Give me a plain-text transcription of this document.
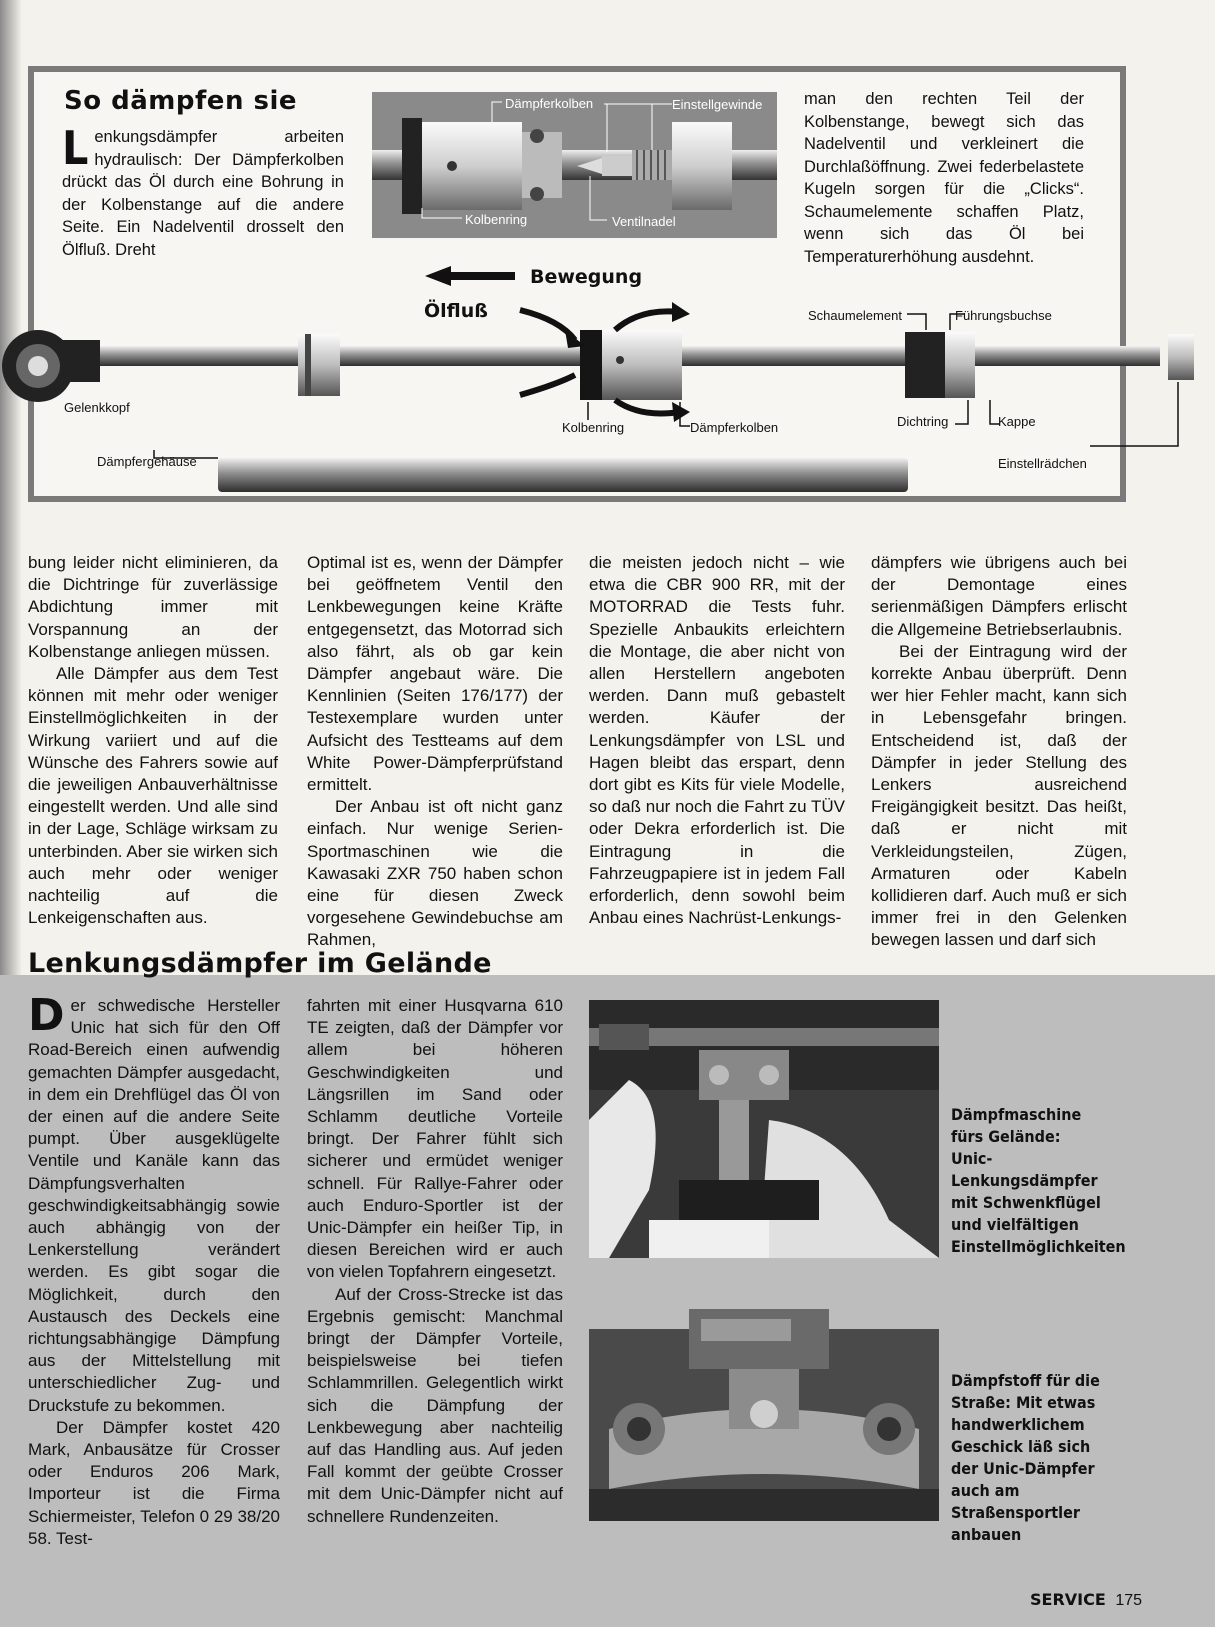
So dämpfen sie
Lenkungsdämpfer arbeiten hydraulisch: Der Dämpferkolben drückt das Öl durch eine Bohrung in der Kolbenstange auf die andere Seite. Ein Nadelventil drosselt den Ölfluß. Dreht
Dämpferkolben	Einstellgewinde
Kolbenring	Ventilnadel
man den rechten Teil der Kolbenstange, bewegt sich das Nadelventil und verkleinert die Durchlaßöffnung. Zwei federbelastete Kugeln sorgen für die „Clicks“. Schaumelemente schaffen Platz, wenn sich das Öl bei Temperaturerhöhung ausdehnt.
Bewegung
Ölfluß	Schaumelement	Führungsbuchse
Gelenkkopf
Kolbenring	Dämpferkolben	Dichtring	Kappe
Dämpfergehäuse	Einstellrädchen

bung leider nicht eliminieren, da die Dichtringe für zuverlässige Abdichtung immer mit Vorspannung an der Kolbenstange anliegen müssen.

Alle Dämpfer aus dem Test können mit mehr oder weniger Einstellmöglichkeiten in der Wirkung variiert und auf die Wünsche des Fahrers sowie auf die jeweiligen Anbauverhältnisse eingestellt werden. Und alle sind in der Lage, Schläge wirksam zu unterbinden. Aber sie wirken sich auch mehr oder weniger nachteilig auf die Lenkeigenschaften aus.

Optimal ist es, wenn der Dämpfer bei geöffnetem Ventil den Lenkbewegungen keine Kräfte entgegensetzt, das Motorrad sich also fährt, als ob gar kein Dämpfer angebaut wäre. Die Kennlinien (Seiten 176/177) der Testexemplare wurden unter Aufsicht des Testteams auf dem White Power-Dämpferprüfstand ermittelt.

Der Anbau ist oft nicht ganz einfach. Nur wenige Serien-Sportmaschinen wie die Kawasaki ZXR 750 haben schon eine für diesen Zweck vorgesehene Gewindebuchse am Rahmen,

die meisten jedoch nicht – wie etwa die CBR 900 RR, mit der MOTORRAD die Tests fuhr. Spezielle Anbaukits erleichtern die Montage, die aber nicht von allen Herstellern angeboten werden. Dann muß gebastelt werden. Käufer der Lenkungsdämpfer von LSL und Hagen bleibt das erspart, denn dort gibt es Kits für viele Modelle, so daß nur noch die Fahrt zu TÜV oder Dekra erforderlich ist. Die Eintragung in die Fahrzeugpapiere ist in jedem Fall erforderlich, denn sowohl beim Anbau eines Nachrüst-Lenkungs-

dämpfers wie übrigens auch bei der Demontage eines serienmäßigen Dämpfers erlischt die Allgemeine Betriebserlaubnis.

Bei der Eintragung wird der korrekte Anbau überprüft. Denn wer hier Fehler macht, kann sich in Lebensgefahr bringen. Entscheidend ist, daß der Dämpfer in jeder Stellung des Lenkers ausreichend Freigängigkeit besitzt. Das heißt, daß er nicht mit Verkleidungsteilen, Zügen, Armaturen oder Kabeln kollidieren darf. Auch muß er sich immer frei in den Gelenken bewegen lassen und darf sich

Lenkungsdämpfer im Gelände

Der schwedische Hersteller Unic hat sich für den Off Road-Bereich einen aufwendig gemachten Dämpfer ausgedacht, in dem ein Drehflügel das Öl von der einen auf die andere Seite pumpt. Über ausgeklügelte Ventile und Kanäle kann das Dämpfungsverhalten geschwindigkeitsabhängig sowie auch abhängig von der Lenkerstellung verändert werden. Es gibt sogar die Möglichkeit, durch den Austausch des Deckels eine richtungsabhängige Dämpfung aus der Mittelstellung mit unterschiedlicher Zug- und Druckstufe zu bekommen.

Der Dämpfer kostet 420 Mark, Anbausätze für Crosser oder Enduros 206 Mark, Importeur ist die Firma Schiermeister, Telefon 0 29 38/20 58. Test-

fahrten mit einer Husqvarna 610 TE zeigten, daß der Dämpfer vor allem bei höheren Geschwindigkeiten und Längsrillen im Sand oder Schlamm deutliche Vorteile bringt. Der Fahrer fühlt sich sicherer und ermüdet weniger schnell. Für Rallye-Fahrer oder auch Enduro-Sportler ist der Unic-Dämpfer ein heißer Tip, in diesen Bereichen wird er auch von vielen Topfahrern eingesetzt.

Auf der Cross-Strecke ist das Ergebnis gemischt: Manchmal bringt der Dämpfer Vorteile, beispielsweise bei tiefen Schlammrillen. Gelegentlich wirkt sich die Dämpfung der Lenkbewegung aber nachteilig auf das Handling aus. Auf jeden Fall kommt der geübte Crosser mit dem Unic-Dämpfer nicht auf schnellere Rundenzeiten.

Dämpfmaschine fürs Gelände: Unic-Lenkungsdämpfer mit Schwenkflügel und vielfältigen Einstellmöglichkeiten
Dämpfstoff für die Straße: Mit etwas handwerklichem Geschick läß sich der Unic-Dämpfer auch am Straßensportler anbauen
SERVICE 175
